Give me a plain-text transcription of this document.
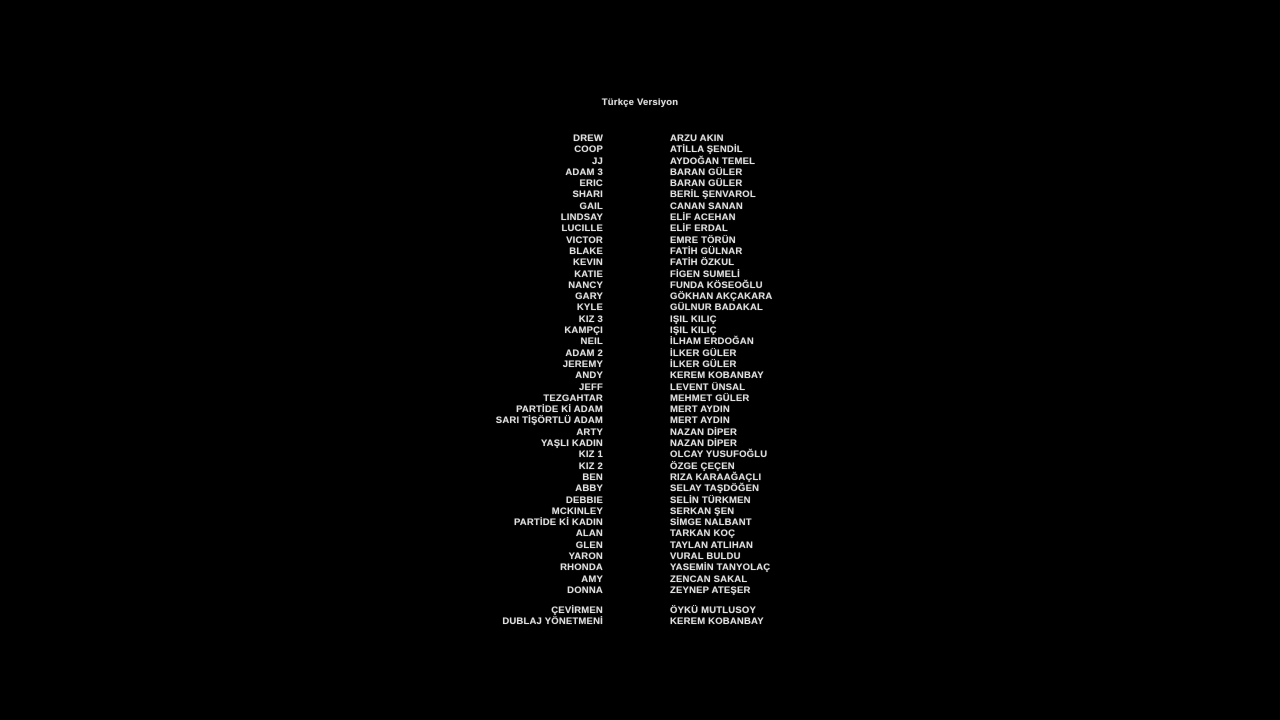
Türkçe Versiyon
DREW	ARZU AKIN
COOP	ATİLLA ŞENDİL
JJ	AYDOĞAN TEMEL
ADAM 3	BARAN GÜLER
ERIC	BARAN GÜLER
SHARI	BERİL ŞENVAROL
GAIL	CANAN SANAN
LINDSAY	ELİF ACEHAN
LUCILLE	ELİF ERDAL
VICTOR	EMRE TÖRÜN
BLAKE	FATİH GÜLNAR
KEVIN	FATİH ÖZKUL
KATIE	FİGEN SUMELİ
NANCY	FUNDA KÖSEOĞLU
GARY	GÖKHAN AKÇAKARA
KYLE	GÜLNUR BADAKAL
KIZ 3	IŞIL KILIÇ
KAMPÇI	IŞIL KILIÇ
NEIL	İLHAM ERDOĞAN
ADAM 2	İLKER GÜLER
JEREMY	İLKER GÜLER
ANDY	KEREM KOBANBAY
JEFF	LEVENT ÜNSAL
TEZGAHTAR	MEHMET GÜLER
PARTİDE Kİ ADAM	MERT AYDIN
SARI TİŞÖRTLÜ ADAM	MERT AYDIN
ARTY	NAZAN DİPER
YAŞLI KADIN	NAZAN DİPER
KIZ 1	OLCAY YUSUFOĞLU
KIZ 2	ÖZGE ÇEÇEN
BEN	RIZA KARAAĞAÇLI
ABBY	SELAY TAŞDÖĞEN
DEBBIE	SELİN TÜRKMEN
MCKINLEY	SERKAN ŞEN
PARTİDE Kİ KADIN	SİMGE NALBANT
ALAN	TARKAN KOÇ
GLEN	TAYLAN ATLIHAN
YARON	VURAL BULDU
RHONDA	YASEMİN TANYOLAÇ
AMY	ZENCAN SAKAL
DONNA	ZEYNEP ATEŞER
ÇEVİRMEN	ÖYKÜ MUTLUSOY
DUBLAJ YÖNETMENİ	KEREM KOBANBAY
